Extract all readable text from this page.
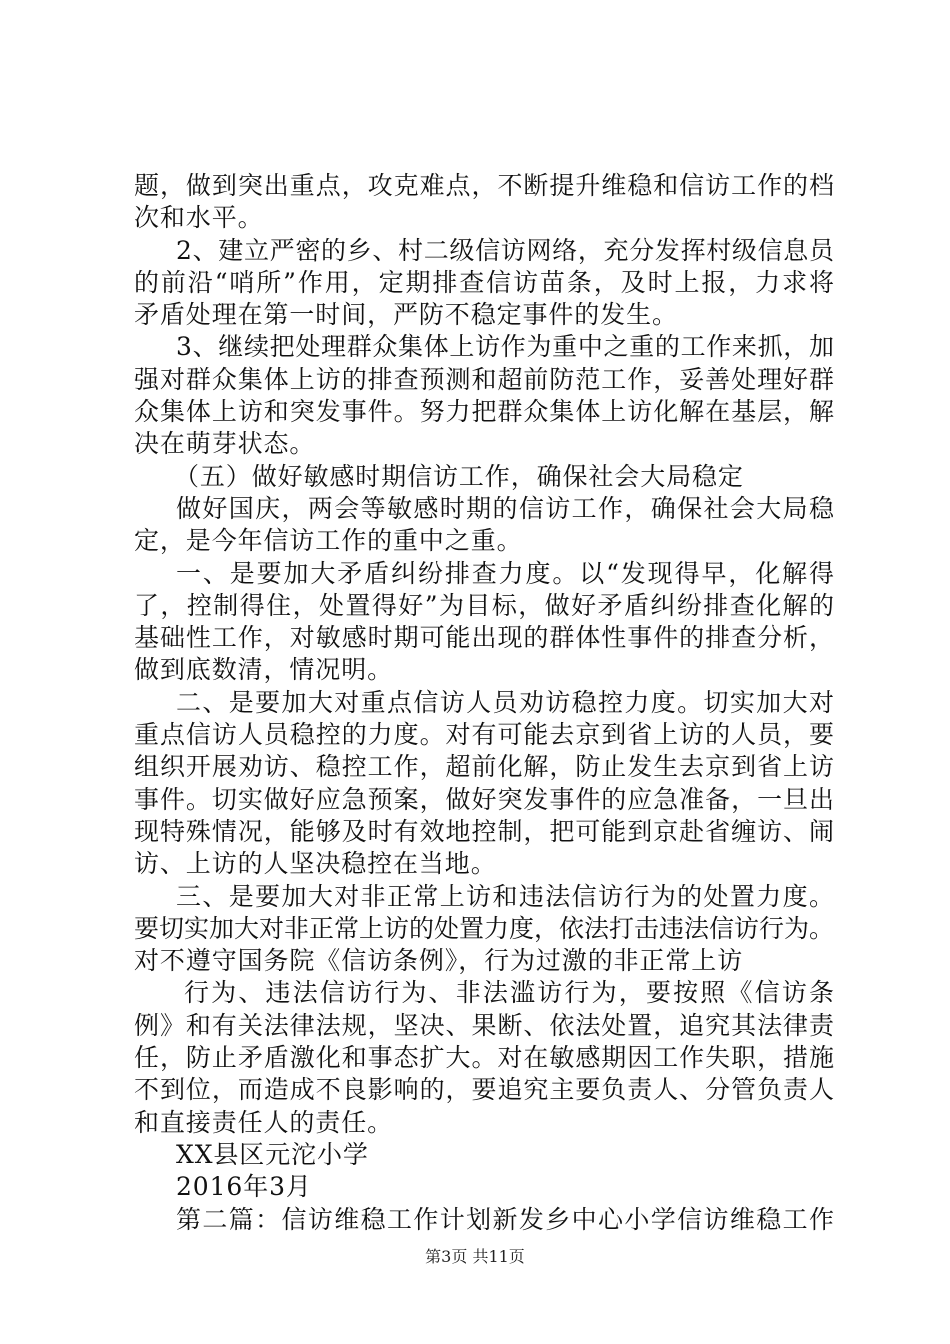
题，做到突出重点，攻克难点，不断提升维稳和信访工作的档
次和水平。
2、建立严密的乡、村二级信访网络，充分发挥村级信息员
的前沿“哨所”作用，定期排查信访苗条，及时上报，力求将
矛盾处理在第一时间，严防不稳定事件的发生。
3、继续把处理群众集体上访作为重中之重的工作来抓，加
强对群众集体上访的排查预测和超前防范工作，妥善处理好群
众集体上访和突发事件。努力把群众集体上访化解在基层，解
决在萌芽状态。
（五）做好敏感时期信访工作，确保社会大局稳定
做好国庆，两会等敏感时期的信访工作，确保社会大局稳
定，是今年信访工作的重中之重。
一、是要加大矛盾纠纷排查力度。以“发现得早，化解得
了，控制得住，处置得好”为目标，做好矛盾纠纷排查化解的
基础性工作，对敏感时期可能出现的群体性事件的排查分析，
做到底数清，情况明。
二、是要加大对重点信访人员劝访稳控力度。切实加大对
重点信访人员稳控的力度。对有可能去京到省上访的人员，要
组织开展劝访、稳控工作，超前化解，防止发生去京到省上访
事件。切实做好应急预案，做好突发事件的应急准备，一旦出
现特殊情况，能够及时有效地控制，把可能到京赴省缠访、闹
访、上访的人坚决稳控在当地。
三、是要加大对非正常上访和违法信访行为的处置力度。
要切实加大对非正常上访的处置力度，依法打击违法信访行为。
对不遵守国务院《信访条例》，行为过激的非正常上访
行为、违法信访行为、非法滥访行为，要按照《信访条
例》和有关法律法规，坚决、果断、依法处置，追究其法律责
任，防止矛盾激化和事态扩大。对在敏感期因工作失职，措施
不到位，而造成不良影响的，要追究主要负责人、分管负责人
和直接责任人的责任。
XX县区元沱小学
2016年3月
第二篇：信访维稳工作计划新发乡中心小学信访维稳工作
第3页 共11页
